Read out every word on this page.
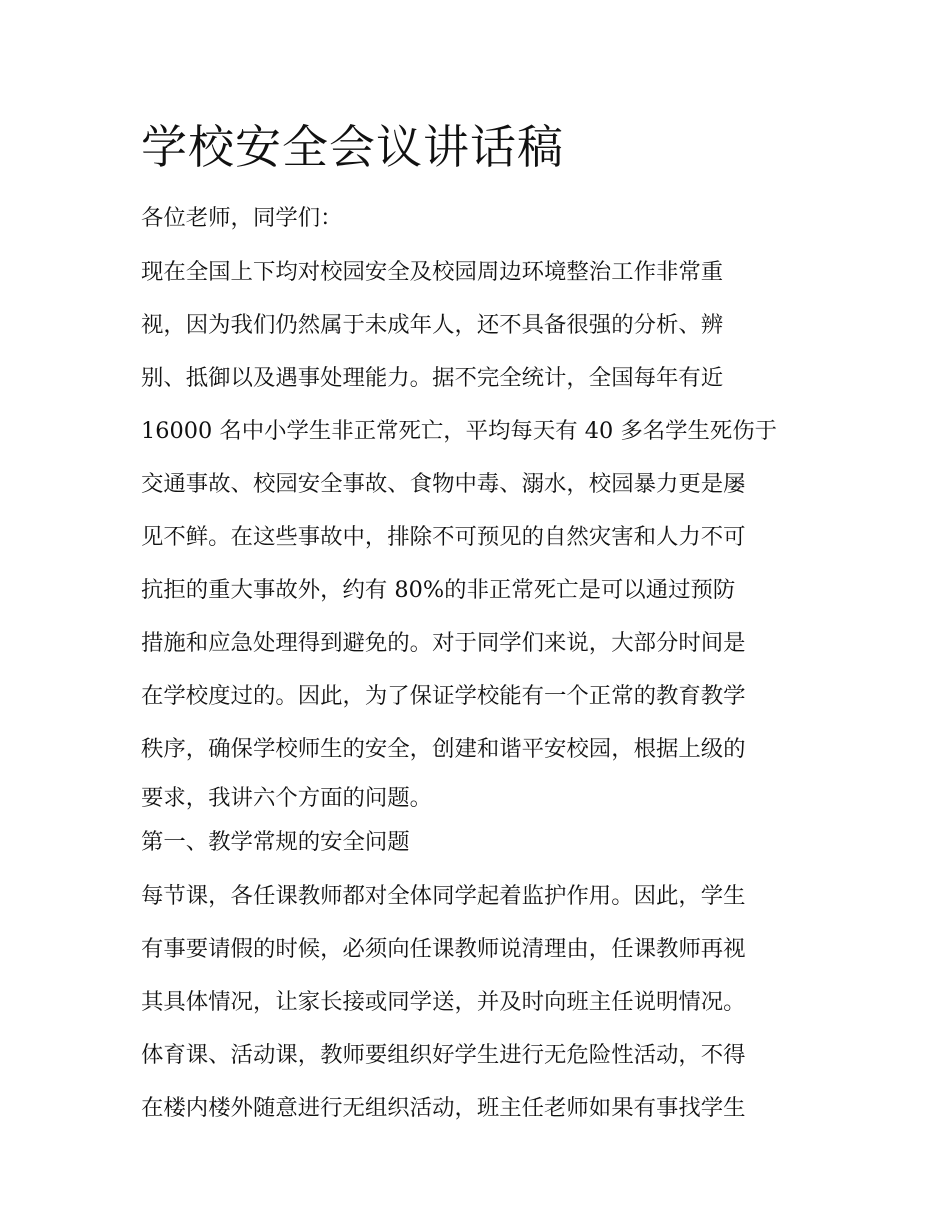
学校安全会议讲话稿
各位老师，同学们：
现在全国上下均对校园安全及校园周边环境整治工作非常重
视，因为我们仍然属于未成年人，还不具备很强的分析、辨
别、抵御以及遇事处理能力。据不完全统计，全国每年有近
16000 名中小学生非正常死亡，平均每天有 40 多名学生死伤于
交通事故、校园安全事故、食物中毒、溺水，校园暴力更是屡
见不鲜。在这些事故中，排除不可预见的自然灾害和人力不可
抗拒的重大事故外，约有 80%的非正常死亡是可以通过预防
措施和应急处理得到避免的。对于同学们来说，大部分时间是
在学校度过的。因此，为了保证学校能有一个正常的教育教学
秩序，确保学校师生的安全，创建和谐平安校园，根据上级的
要求，我讲六个方面的问题。
第一、教学常规的安全问题
每节课，各任课教师都对全体同学起着监护作用。因此，学生
有事要请假的时候，必须向任课教师说清理由，任课教师再视
其具体情况，让家长接或同学送，并及时向班主任说明情况。
体育课、活动课，教师要组织好学生进行无危险性活动，不得
在楼内楼外随意进行无组织活动，班主任老师如果有事找学生
